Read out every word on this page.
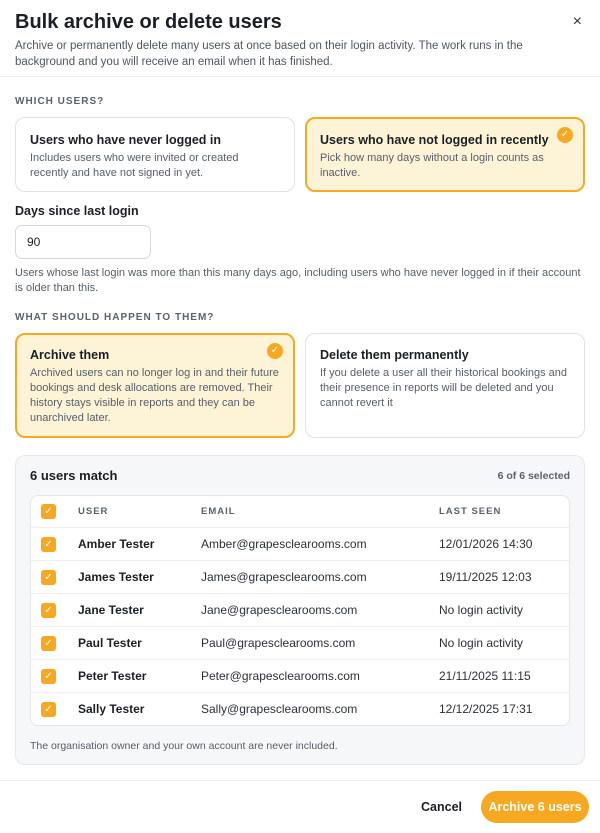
Bulk archive or delete users
Archive or permanently delete many users at once based on their login activity. The work runs in the background and you will receive an email when it has finished.
×
WHICH USERS?
Users who have never logged in
Includes users who were invited or created recently and have not signed in yet.
Users who have not logged in recently
Pick how many days without a login counts as inactive.
✓
Days since last login
90
Users whose last login was more than this many days ago, including users who have never logged in if their account is older than this.
WHAT SHOULD HAPPEN TO THEM?
Archive them
Archived users can no longer log in and their future bookings and desk allocations are removed. Their history stays visible in reports and they can be unarchived later.
✓	Delete them permanently
If you delete a user all their historical bookings and their presence in reports will be deleted and you cannot revert it
6 users match	6 of 6 selected
✓	USER	EMAIL	LAST SEEN
✓ Amber Tester	Amber@grapesclearooms.com	12/01/2026 14:30
✓ James Tester	James@grapesclearooms.com	19/11/2025 12:03
✓ Jane Tester	Jane@grapesclearooms.com	No login activity
✓ Paul Tester	Paul@grapesclearooms.com	No login activity
✓ Peter Tester	Peter@grapesclearooms.com	21/11/2025 11:15
✓ Sally Tester	Sally@grapesclearooms.com	12/12/2025 17:31
The organisation owner and your own account are never included.
Cancel	Archive 6 users
